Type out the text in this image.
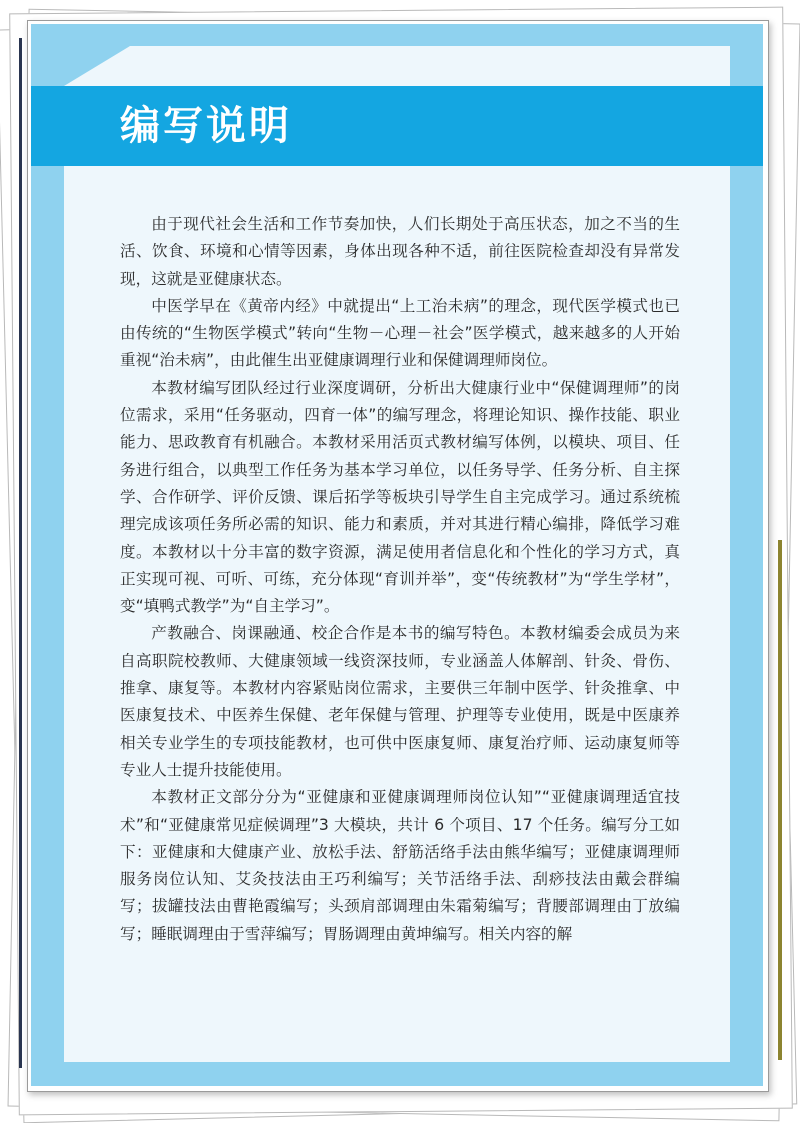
编写说明

由于现代社会生活和工作节奏加快，人们长期处于高压状态，加之不当的生活、饮食、环境和心情等因素，身体出现各种不适，前往医院检查却没有异常发现，这就是亚健康状态。

中医学早在《黄帝内经》中就提出“上工治未病”的理念，现代医学模式也已由传统的“生物医学模式”转向“生物－心理－社会”医学模式，越来越多的人开始重视“治未病”，由此催生出亚健康调理行业和保健调理师岗位。

本教材编写团队经过行业深度调研，分析出大健康行业中“保健调理师”的岗位需求，采用“任务驱动，四育一体”的编写理念，将理论知识、操作技能、职业能力、思政教育有机融合。本教材采用活页式教材编写体例，以模块、项目、任务进行组合，以典型工作任务为基本学习单位，以任务导学、任务分析、自主探学、合作研学、评价反馈、课后拓学等板块引导学生自主完成学习。通过系统梳理完成该项任务所必需的知识、能力和素质，并对其进行精心编排，降低学习难度。本教材以十分丰富的数字资源，满足使用者信息化和个性化的学习方式，真正实现可视、可听、可练，充分体现“育训并举”，变“传统教材”为“学生学材”，变“填鸭式教学”为“自主学习”。

产教融合、岗课融通、校企合作是本书的编写特色。本教材编委会成员为来自高职院校教师、大健康领域一线资深技师，专业涵盖人体解剖、针灸、骨伤、推拿、康复等。本教材内容紧贴岗位需求，主要供三年制中医学、针灸推拿、中医康复技术、中医养生保健、老年保健与管理、护理等专业使用，既是中医康养相关专业学生的专项技能教材，也可供中医康复师、康复治疗师、运动康复师等专业人士提升技能使用。

本教材正文部分分为“亚健康和亚健康调理师岗位认知”“亚健康调理适宜技术”和“亚健康常见症候调理”3 大模块，共计 6 个项目、17 个任务。编写分工如下：亚健康和大健康产业、放松手法、舒筋活络手法由熊华编写；亚健康调理师服务岗位认知、艾灸技法由王巧利编写；关节活络手法、刮痧技法由戴会群编写；拔罐技法由曹艳霞编写；头颈肩部调理由朱霜菊编写；背腰部调理由丁放编写；睡眠调理由于雪萍编写；胃肠调理由黄坤编写。相关内容的解
